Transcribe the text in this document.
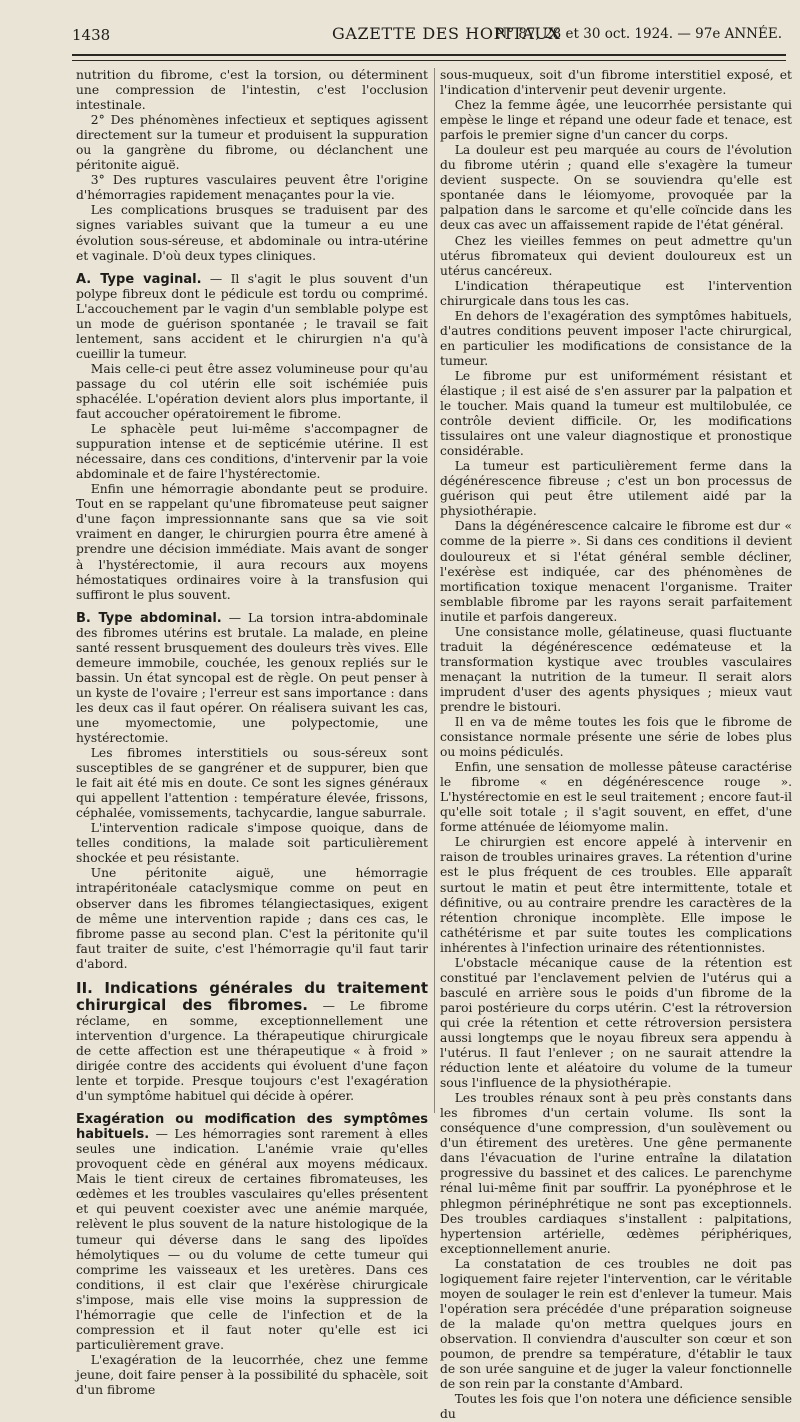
1438	GAZETTE DES HOPITAUX
N° 87, 28 et 30 oct. 1924. — 97e ANNÉE.

nutrition du fibrome, c'est la torsion, ou déterminent une compression de l'intestin, c'est l'occlusion intestinale.

2° Des phénomènes infectieux et septiques agissent directement sur la tumeur et produisent la suppuration ou la gangrène du fibrome, ou déclanchent une péritonite aiguë.

3° Des ruptures vasculaires peuvent être l'origine d'hémorragies rapidement menaçantes pour la vie.

Les complications brusques se traduisent par des signes variables suivant que la tumeur a eu une évolution sous-séreuse, et abdominale ou intra-utérine et vaginale. D'où deux types cliniques.

A. Type vaginal. — Il s'agit le plus souvent d'un polype fibreux dont le pédicule est tordu ou comprimé. L'accouchement par le vagin d'un semblable polype est un mode de guérison spontanée ; le travail se fait lentement, sans accident et le chirurgien n'a qu'à cueillir la tumeur.

Mais celle-ci peut être assez volumineuse pour qu'au passage du col utérin elle soit ischémiée puis sphacélée. L'opération devient alors plus importante, il faut accoucher opératoirement le fibrome.

Le sphacèle peut lui-même s'accompagner de suppuration intense et de septicémie utérine. Il est nécessaire, dans ces conditions, d'intervenir par la voie abdominale et de faire l'hystérectomie.

Enfin une hémorragie abondante peut se produire. Tout en se rappelant qu'une fibromateuse peut saigner d'une façon impressionnante sans que sa vie soit vraiment en danger, le chirurgien pourra être amené à prendre une décision immédiate. Mais avant de songer à l'hystérectomie, il aura recours aux moyens hémostatiques ordinaires voire à la transfusion qui suffiront le plus souvent.

B. Type abdominal. — La torsion intra-abdominale des fibromes utérins est brutale. La malade, en pleine santé ressent brusquement des douleurs très vives. Elle demeure immobile, couchée, les genoux repliés sur le bassin. Un état syncopal est de règle. On peut penser à un kyste de l'ovaire ; l'erreur est sans importance : dans les deux cas il faut opérer. On réalisera suivant les cas, une myomectomie, une polypectomie, une hystérectomie.

Les fibromes interstitiels ou sous-séreux sont susceptibles de se gangréner et de suppurer, bien que le fait ait été mis en doute. Ce sont les signes généraux qui appellent l'attention : température élevée, frissons, céphalée, vomissements, tachycardie, langue saburrale.

L'intervention radicale s'impose quoique, dans de telles conditions, la malade soit particulièrement shockée et peu résistante.

Une péritonite aiguë, une hémorragie intrapéritonéale cataclysmique comme on peut en observer dans les fibromes télangiectasiques, exigent de même une intervention rapide ; dans ces cas, le fibrome passe au second plan. C'est la péritonite qu'il faut traiter de suite, c'est l'hémorragie qu'il faut tarir d'abord.

II. Indications générales du traitement chirurgical des fibromes. — Le fibrome réclame, en somme, exceptionnellement une intervention d'urgence. La thérapeutique chirurgicale de cette affection est une thérapeutique « à froid » dirigée contre des accidents qui évoluent d'une façon lente et torpide. Presque toujours c'est l'exagération d'un symptôme habituel qui décide à opérer.

Exagération ou modification des symptômes habituels. — Les hémorragies sont rarement à elles seules une indication. L'anémie vraie qu'elles provoquent cède en général aux moyens médicaux. Mais le tient cireux de certaines fibromateuses, les œdèmes et les troubles vasculaires qu'elles présentent et qui peuvent coexister avec une anémie marquée, relèvent le plus souvent de la nature histologique de la tumeur qui déverse dans le sang des lipoïdes hémolytiques — ou du volume de cette tumeur qui comprime les vaisseaux et les uretères. Dans ces conditions, il est clair que l'exérèse chirurgicale s'impose, mais elle vise moins la suppression de l'hémorragie que celle de l'infection et de la compression et il faut noter qu'elle est ici particulièrement grave.

L'exagération de la leucorrhée, chez une femme jeune, doit faire penser à la possibilité du sphacèle, soit d'un fibrome

sous-muqueux, soit d'un fibrome interstitiel exposé, et l'indication d'intervenir peut devenir urgente.

Chez la femme âgée, une leucorrhée persistante qui empèse le linge et répand une odeur fade et tenace, est parfois le premier signe d'un cancer du corps.

La douleur est peu marquée au cours de l'évolution du fibrome utérin ; quand elle s'exagère la tumeur devient suspecte. On se souviendra qu'elle est spontanée dans le léiomyome, provoquée par la palpation dans le sarcome et qu'elle coïncide dans les deux cas avec un affaissement rapide de l'état général.

Chez les vieilles femmes on peut admettre qu'un utérus fibromateux qui devient douloureux est un utérus cancéreux.

L'indication thérapeutique est l'intervention chirurgicale dans tous les cas.

En dehors de l'exagération des symptômes habituels, d'autres conditions peuvent imposer l'acte chirurgical, en particulier les modifications de consistance de la tumeur.

Le fibrome pur est uniformément résistant et élastique ; il est aisé de s'en assurer par la palpation et le toucher. Mais quand la tumeur est multilobulée, ce contrôle devient difficile. Or, les modifications tissulaires ont une valeur diagnostique et pronostique considérable.

La tumeur est particulièrement ferme dans la dégénérescence fibreuse ; c'est un bon processus de guérison qui peut être utilement aidé par la physiothérapie.

Dans la dégénérescence calcaire le fibrome est dur « comme de la pierre ». Si dans ces conditions il devient douloureux et si l'état général semble décliner, l'exérèse est indiquée, car des phénomènes de mortification toxique menacent l'organisme. Traiter semblable fibrome par les rayons serait parfaitement inutile et parfois dangereux.

Une consistance molle, gélatineuse, quasi fluctuante traduit la dégénérescence œdémateuse et la transformation kystique avec troubles vasculaires menaçant la nutrition de la tumeur. Il serait alors imprudent d'user des agents physiques ; mieux vaut prendre le bistouri.

Il en va de même toutes les fois que le fibrome de consistance normale présente une série de lobes plus ou moins pédiculés.

Enfin, une sensation de mollesse pâteuse caractérise le fibrome « en dégénérescence rouge ». L'hystérectomie en est le seul traitement ; encore faut-il qu'elle soit totale ; il s'agit souvent, en effet, d'une forme atténuée de léiomyome malin.

Le chirurgien est encore appelé à intervenir en raison de troubles urinaires graves. La rétention d'urine est le plus fréquent de ces troubles. Elle apparaît surtout le matin et peut être intermittente, totale et définitive, ou au contraire prendre les caractères de la rétention chronique incomplète. Elle impose le cathétérisme et par suite toutes les complications inhérentes à l'infection urinaire des rétentionnistes.

L'obstacle mécanique cause de la rétention est constitué par l'enclavement pelvien de l'utérus qui a basculé en arrière sous le poids d'un fibrome de la paroi postérieure du corps utérin. C'est la rétroversion qui crée la rétention et cette rétroversion persistera aussi longtemps que le noyau fibreux sera appendu à l'utérus. Il faut l'enlever ; on ne saurait attendre la réduction lente et aléatoire du volume de la tumeur sous l'influence de la physiothérapie.

Les troubles rénaux sont à peu près constants dans les fibromes d'un certain volume. Ils sont la conséquence d'une compression, d'un soulèvement ou d'un étirement des uretères. Une gêne permanente dans l'évacuation de l'urine entraîne la dilatation progressive du bassinet et des calices. Le parenchyme rénal lui-même finit par souffrir. La pyonéphrose et le phlegmon périnéphrétique ne sont pas exceptionnels. Des troubles cardiaques s'installent : palpitations, hypertension artérielle, œdèmes périphériques, exceptionnellement anurie.

La constatation de ces troubles ne doit pas logiquement faire rejeter l'intervention, car le véritable moyen de soulager le rein est d'enlever la tumeur. Mais l'opération sera précédée d'une préparation soigneuse de la malade qu'on mettra quelques jours en observation. Il conviendra d'ausculter son cœur et son poumon, de prendre sa température, d'établir le taux de son urée sanguine et de juger la valeur fonctionnelle de son rein par la constante d'Ambard.

Toutes les fois que l'on notera une déficience sensible du
